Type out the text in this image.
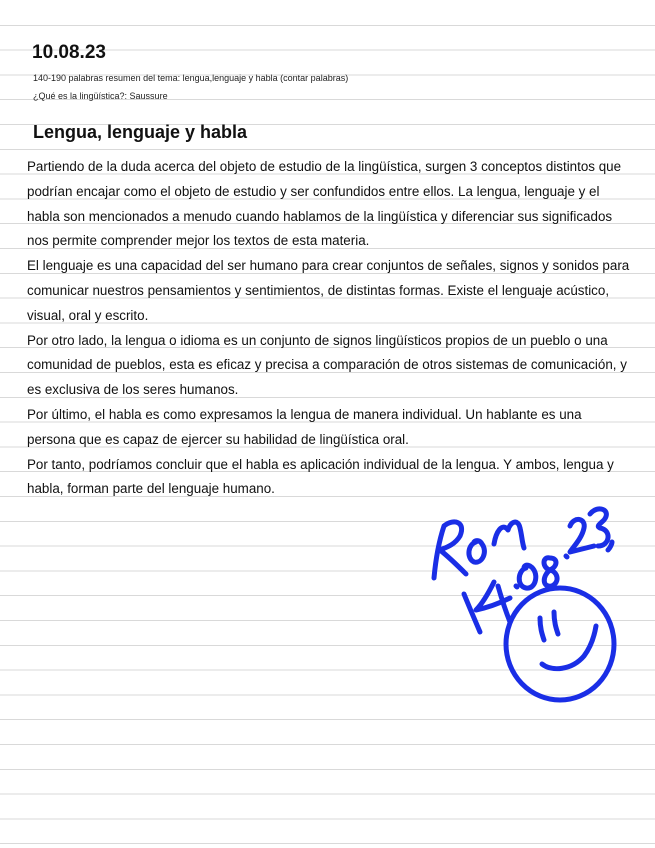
10.08.23
140-190 palabras resumen del tema: lengua,lenguaje y habla (contar palabras)
¿Qué es la lingüística?: Saussure
Lengua, lenguaje y habla

Partiendo de la duda acerca del objeto de estudio de la lingüística, surgen 3 conceptos distintos que podrían encajar como el objeto de estudio y ser confundidos entre ellos. La lengua, lenguaje y el habla son mencionados a menudo cuando hablamos de la lingüística y diferenciar sus significados nos permite comprender mejor los textos de esta materia.

El lenguaje es una capacidad del ser humano para crear conjuntos de señales, signos y sonidos para comunicar nuestros pensamientos y sentimientos, de distintas formas. Existe el lenguaje acústico, visual, oral y escrito.

Por otro lado, la lengua o idioma es un conjunto de signos lingüísticos propios de un pueblo o una comunidad de pueblos, esta es eficaz y precisa a comparación de otros sistemas de comunicación, y es exclusiva de los seres humanos.

Por último, el habla es como expresamos la lengua de manera individual. Un hablante es una persona que es capaz de ejercer su habilidad de lingüística oral.

Por tanto, podríamos concluir que el habla es aplicación individual de la lengua. Y ambos, lengua y habla, forman parte del lenguaje humano.
